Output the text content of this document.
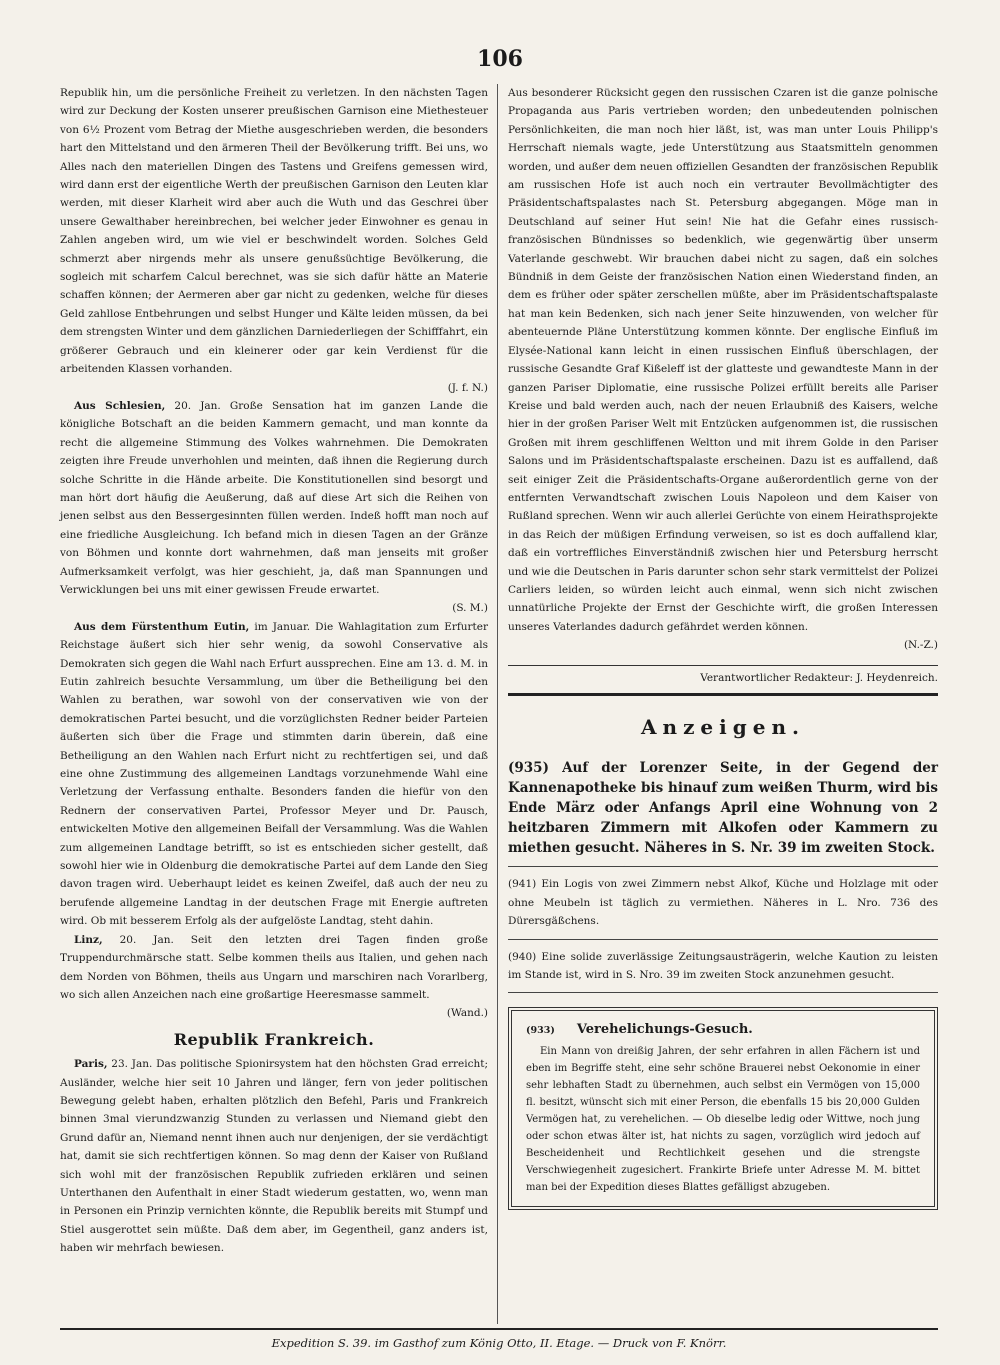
106

Republik hin, um die persönliche Freiheit zu verletzen. In den nächsten Tagen wird zur Deckung der Kosten unserer preußischen Garnison eine Miethesteuer von 6½ Prozent vom Betrag der Miethe ausgeschrieben werden, die besonders hart den Mittelstand und den ärmeren Theil der Bevölkerung trifft. Bei uns, wo Alles nach den materiellen Dingen des Tastens und Greifens gemessen wird, wird dann erst der eigentliche Werth der preußischen Garnison den Leuten klar werden, mit dieser Klarheit wird aber auch die Wuth und das Geschrei über unsere Gewalthaber hereinbrechen, bei welcher jeder Einwohner es genau in Zahlen angeben wird, um wie viel er beschwindelt worden. Solches Geld schmerzt aber nirgends mehr als unsere genußsüchtige Bevölkerung, die sogleich mit scharfem Calcul berechnet, was sie sich dafür hätte an Materie schaffen können; der Aermeren aber gar nicht zu gedenken, welche für dieses Geld zahllose Entbehrungen und selbst Hunger und Kälte leiden müssen, da bei dem strengsten Winter und dem gänzlichen Darniederliegen der Schifffahrt, ein größerer Gebrauch und ein kleinerer oder gar kein Verdienst für die arbeitenden Klassen vorhanden.
(J. f. N.)

Aus Schlesien, 20. Jan. Große Sensation hat im ganzen Lande die königliche Botschaft an die beiden Kammern gemacht, und man konnte da recht die allgemeine Stimmung des Volkes wahrnehmen. Die Demokraten zeigten ihre Freude unverhohlen und meinten, daß ihnen die Regierung durch solche Schritte in die Hände arbeite. Die Konstitutionellen sind besorgt und man hört dort häufig die Aeußerung, daß auf diese Art sich die Reihen von jenen selbst aus den Bessergesinnten füllen werden. Indeß hofft man noch auf eine friedliche Ausgleichung. Ich befand mich in diesen Tagen an der Gränze von Böhmen und konnte dort wahrnehmen, daß man jenseits mit großer Aufmerksamkeit verfolgt, was hier geschieht, ja, daß man Spannungen und Verwicklungen bei uns mit einer gewissen Freude erwartet.
(S. M.)

Aus dem Fürstenthum Eutin, im Januar. Die Wahlagitation zum Erfurter Reichstage äußert sich hier sehr wenig, da sowohl Conservative als Demokraten sich gegen die Wahl nach Erfurt aussprechen. Eine am 13. d. M. in Eutin zahlreich besuchte Versammlung, um über die Betheiligung bei den Wahlen zu berathen, war sowohl von der conservativen wie von der demokratischen Partei besucht, und die vorzüglichsten Redner beider Parteien äußerten sich über die Frage und stimmten darin überein, daß eine Betheiligung an den Wahlen nach Erfurt nicht zu rechtfertigen sei, und daß eine ohne Zustimmung des allgemeinen Landtags vorzunehmende Wahl eine Verletzung der Verfassung enthalte. Besonders fanden die hiefür von den Rednern der conservativen Partei, Professor Meyer und Dr. Pausch, entwickelten Motive den allgemeinen Beifall der Versammlung. Was die Wahlen zum allgemeinen Landtage betrifft, so ist es entschieden sicher gestellt, daß sowohl hier wie in Oldenburg die demokratische Partei auf dem Lande den Sieg davon tragen wird. Ueberhaupt leidet es keinen Zweifel, daß auch der neu zu berufende allgemeine Landtag in der deutschen Frage mit Energie auftreten wird. Ob mit besserem Erfolg als der aufgelöste Landtag, steht dahin.

Linz, 20. Jan. Seit den letzten drei Tagen finden große Truppendurchmärsche statt. Selbe kommen theils aus Italien, und gehen nach dem Norden von Böhmen, theils aus Ungarn und marschiren nach Vorarlberg, wo sich allen Anzeichen nach eine großartige Heeresmasse sammelt.
(Wand.)

Republik Frankreich.

Paris, 23. Jan. Das politische Spionirsystem hat den höchsten Grad erreicht; Ausländer, welche hier seit 10 Jahren und länger, fern von jeder politischen Bewegung gelebt haben, erhalten plötzlich den Befehl, Paris und Frankreich binnen 3mal vierundzwanzig Stunden zu verlassen und Niemand giebt den Grund dafür an, Niemand nennt ihnen auch nur denjenigen, der sie verdächtigt hat, damit sie sich rechtfertigen können. So mag denn der Kaiser von Rußland sich wohl mit der französischen Republik zufrieden erklären und seinen Unterthanen den Aufenthalt in einer Stadt wiederum gestatten, wo, wenn man in Personen ein Prinzip vernichten könnte, die Republik bereits mit Stumpf und Stiel ausgerottet sein müßte. Daß dem aber, im Gegentheil, ganz anders ist, haben wir mehrfach bewiesen.

Aus besonderer Rücksicht gegen den russischen Czaren ist die ganze polnische Propaganda aus Paris vertrieben worden; den unbedeutenden polnischen Persönlichkeiten, die man noch hier läßt, ist, was man unter Louis Philipp's Herrschaft niemals wagte, jede Unterstützung aus Staatsmitteln genommen worden, und außer dem neuen offiziellen Gesandten der französischen Republik am russischen Hofe ist auch noch ein vertrauter Bevollmächtigter des Präsidentschaftspalastes nach St. Petersburg abgegangen. Möge man in Deutschland auf seiner Hut sein! Nie hat die Gefahr eines russisch-französischen Bündnisses so bedenklich, wie gegenwärtig über unserm Vaterlande geschwebt. Wir brauchen dabei nicht zu sagen, daß ein solches Bündniß in dem Geiste der französischen Nation einen Wiederstand finden, an dem es früher oder später zerschellen müßte, aber im Präsidentschaftspalaste hat man kein Bedenken, sich nach jener Seite hinzuwenden, von welcher für abenteuernde Pläne Unterstützung kommen könnte. Der englische Einfluß im Elysée-National kann leicht in einen russischen Einfluß überschlagen, der russische Gesandte Graf Kißeleff ist der glatteste und gewandteste Mann in der ganzen Pariser Diplomatie, eine russische Polizei erfüllt bereits alle Pariser Kreise und bald werden auch, nach der neuen Erlaubniß des Kaisers, welche hier in der großen Pariser Welt mit Entzücken aufgenommen ist, die russischen Großen mit ihrem geschliffenen Weltton und mit ihrem Golde in den Pariser Salons und im Präsidentschaftspalaste erscheinen. Dazu ist es auffallend, daß seit einiger Zeit die Präsidentschafts-Organe außerordentlich gerne von der entfernten Verwandtschaft zwischen Louis Napoleon und dem Kaiser von Rußland sprechen. Wenn wir auch allerlei Gerüchte von einem Heirathsprojekte in das Reich der müßigen Erfindung verweisen, so ist es doch auffallend klar, daß ein vortreffliches Einverständniß zwischen hier und Petersburg herrscht und wie die Deutschen in Paris darunter schon sehr stark vermittelst der Polizei Carliers leiden, so würden leicht auch einmal, wenn sich nicht zwischen unnatürliche Projekte der Ernst der Geschichte wirft, die großen Interessen unseres Vaterlandes dadurch gefährdet werden können.
(N.-Z.)

Verantwortlicher Redakteur: J. Heydenreich.
Anzeigen.
(935) Auf der Lorenzer Seite, in der Gegend der Kannenapotheke bis hinauf zum weißen Thurm, wird bis Ende März oder Anfangs April eine Wohnung von 2 heitzbaren Zimmern mit Alkofen oder Kammern zu miethen gesucht. Näheres in S. Nr. 39 im zweiten Stock.
(941) Ein Logis von zwei Zimmern nebst Alkof, Küche und Holzlage mit oder ohne Meubeln ist täglich zu vermiethen. Näheres in L. Nro. 736 des Dürersgäßchens.
(940) Eine solide zuverlässige Zeitungsausträgerin, welche Kaution zu leisten im Stande ist, wird in S. Nro. 39 im zweiten Stock anzunehmen gesucht.
(933) Verehelichungs-Gesuch.

Ein Mann von dreißig Jahren, der sehr erfahren in allen Fächern ist und eben im Begriffe steht, eine sehr schöne Brauerei nebst Oekonomie in einer sehr lebhaften Stadt zu übernehmen, auch selbst ein Vermögen von 15,000 fl. besitzt, wünscht sich mit einer Person, die ebenfalls 15 bis 20,000 Gulden Vermögen hat, zu verehelichen. — Ob dieselbe ledig oder Wittwe, noch jung oder schon etwas älter ist, hat nichts zu sagen, vorzüglich wird jedoch auf Bescheidenheit und Rechtlichkeit gesehen und die strengste Verschwiegenheit zugesichert. Frankirte Briefe unter Adresse M. M. bittet man bei der Expedition dieses Blattes gefälligst abzugeben.

Expedition S. 39. im Gasthof zum König Otto, II. Etage. — Druck von F. Knörr.
